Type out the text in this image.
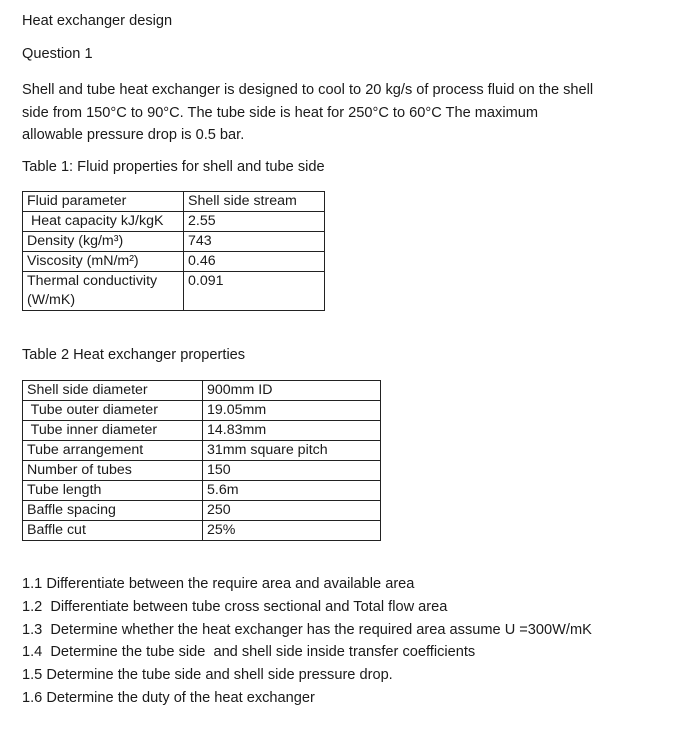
Heat exchanger design
Question 1
Shell and tube heat exchanger is designed to cool to 20 kg/s of process fluid on the shell
side from 150°C to 90°C. The tube side is heat for 250°C to 60°C The maximum
allowable pressure drop is 0.5 bar.
Table 1: Fluid properties for shell and tube side
Fluid parameter	Shell side stream
Heat capacity kJ/kgK	2.55
Density (kg/m³)	743
Viscosity (mN/m²)	0.46
Thermal conductivity (W/mK)	0.091
Table 2 Heat exchanger properties
Shell side diameter	900mm ID
Tube outer diameter	19.05mm
Tube inner diameter	14.83mm
Tube arrangement	31mm square pitch
Number of tubes	150
Tube length	5.6m
Baffle spacing	250
Baffle cut	25%
1.1 Differentiate between the require area and available area
1.2  Differentiate between tube cross sectional and Total flow area
1.3  Determine whether the heat exchanger has the required area assume U =300W/mK
1.4  Determine the tube side  and shell side inside transfer coefficients
1.5 Determine the tube side and shell side pressure drop.
1.6 Determine the duty of the heat exchanger
